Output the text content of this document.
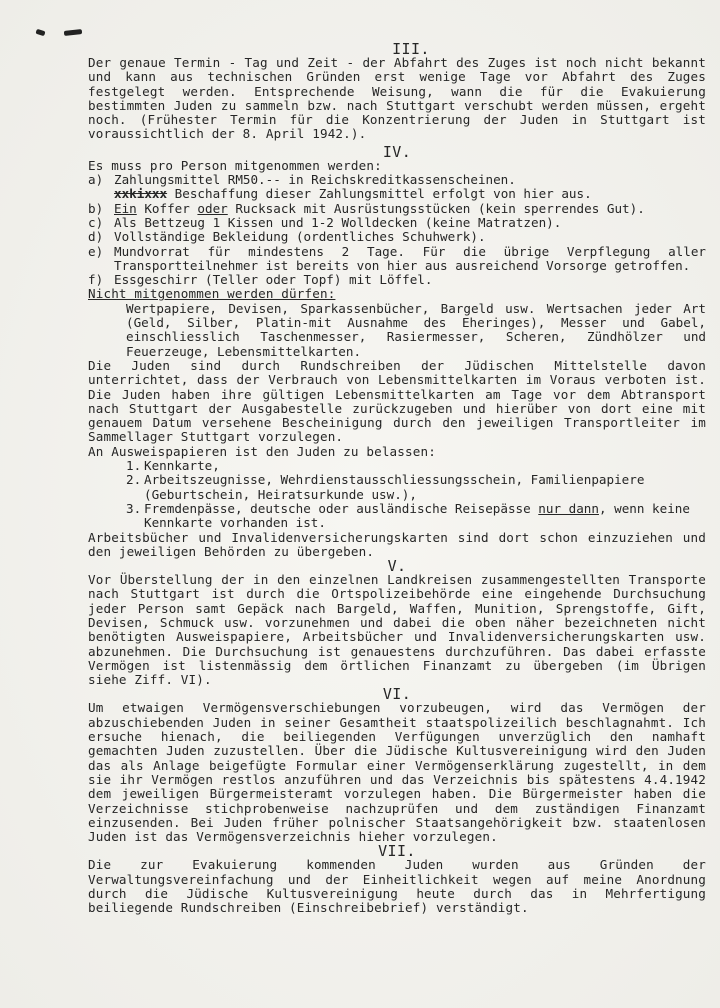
III.

Der genaue Termin - Tag und Zeit - der Abfahrt des Zuges ist noch nicht bekannt und kann aus technischen Gründen erst wenige Tage vor Abfahrt des Zuges festgelegt werden. Entsprechende Weisung, wann die für die Evakuierung bestimmten Juden zu sammeln bzw. nach Stuttgart verschubt werden müssen, ergeht noch. (Frühester Termin für die Konzentrierung der Juden in Stuttgart ist voraussichtlich der 8. April 1942.).

IV.

Es muss pro Person mitgenommen werden:

a) Zahlungsmittel RM50.-- in Reichskreditkassenscheinen.
xxkixxx Beschaffung dieser Zahlungsmittel erfolgt von hier aus.
b) Ein Koffer oder Rucksack mit Ausrüstungsstücken (kein sperrendes Gut).
c) Als Bettzeug 1 Kissen und 1-2 Wolldecken (keine Matratzen).
d) Vollständige Bekleidung (ordentliches Schuhwerk).
e) Mundvorrat für mindestens 2 Tage. Für die übrige Verpflegung aller Transportteilnehmer ist bereits von hier aus ausreichend Vorsorge getroffen.
f) Essgeschirr (Teller oder Topf) mit Löffel.

Nicht mitgenommen werden dürfen:

Wertpapiere, Devisen, Sparkassenbücher, Bargeld usw. Wertsachen jeder Art (Geld, Silber, Platin-mit Ausnahme des Eheringes), Messer und Gabel, einschliesslich Taschenmesser, Rasiermesser, Scheren, Zündhölzer und Feuerzeuge, Lebensmittelkarten.

Die Juden sind durch Rundschreiben der Jüdischen Mittelstelle davon unterrichtet, dass der Verbrauch von Lebensmittelkarten im Voraus verboten ist. Die Juden haben ihre gültigen Lebensmittelkarten am Tage vor dem Abtransport nach Stuttgart der Ausgabestelle zurückzugeben und hierüber von dort eine mit genauem Datum versehene Bescheinigung durch den jeweiligen Transportleiter im Sammellager Stuttgart vorzulegen.

An Ausweispapieren ist den Juden zu belassen:

1. Kennkarte,
2. Arbeitszeugnisse, Wehrdienstausschliessungsschein, Familienpapiere (Geburtschein, Heiratsurkunde usw.),
3. Fremdenpässe, deutsche oder ausländische Reisepässe nur dann, wenn keine Kennkarte vorhanden ist.

Arbeitsbücher und Invalidenversicherungskarten sind dort schon einzuziehen und den jeweiligen Behörden zu übergeben.

V.

Vor Überstellung der in den einzelnen Landkreisen zusammengestellten Transporte nach Stuttgart ist durch die Ortspolizeibehörde eine eingehende Durchsuchung jeder Person samt Gepäck nach Bargeld, Waffen, Munition, Sprengstoffe, Gift, Devisen, Schmuck usw. vorzunehmen und dabei die oben näher bezeichneten nicht benötigten Ausweispapiere, Arbeitsbücher und Invalidenversicherungskarten usw. abzunehmen. Die Durchsuchung ist genauestens durchzuführen. Das dabei erfasste Vermögen ist listenmässig dem örtlichen Finanzamt zu übergeben (im Übrigen siehe Ziff. VI).

VI.

Um etwaigen Vermögensverschiebungen vorzubeugen, wird das Vermögen der abzuschiebenden Juden in seiner Gesamtheit staatspolizeilich beschlagnahmt. Ich ersuche hienach, die beiliegenden Verfügungen unverzüglich den namhaft gemachten Juden zuzustellen. Über die Jüdische Kultusvereinigung wird den Juden das als Anlage beigefügte Formular einer Vermögenserklärung zugestellt, in dem sie ihr Vermögen restlos anzuführen und das Verzeichnis bis spätestens 4.4.1942 dem jeweiligen Bürgermeisteramt vorzulegen haben. Die Bürgermeister haben die Verzeichnisse stichprobenweise nachzuprüfen und dem zuständigen Finanzamt einzusenden. Bei Juden früher polnischer Staatsangehörigkeit bzw. staatenlosen Juden ist das Vermögensverzeichnis hieher vorzulegen.

VII.

Die zur Evakuierung kommenden Juden wurden aus Gründen der Verwaltungsvereinfachung und der Einheitlichkeit wegen auf meine Anordnung durch die Jüdische Kultusvereinigung heute durch das in Mehrfertigung beiliegende Rundschreiben (Einschreibebrief) verständigt.
